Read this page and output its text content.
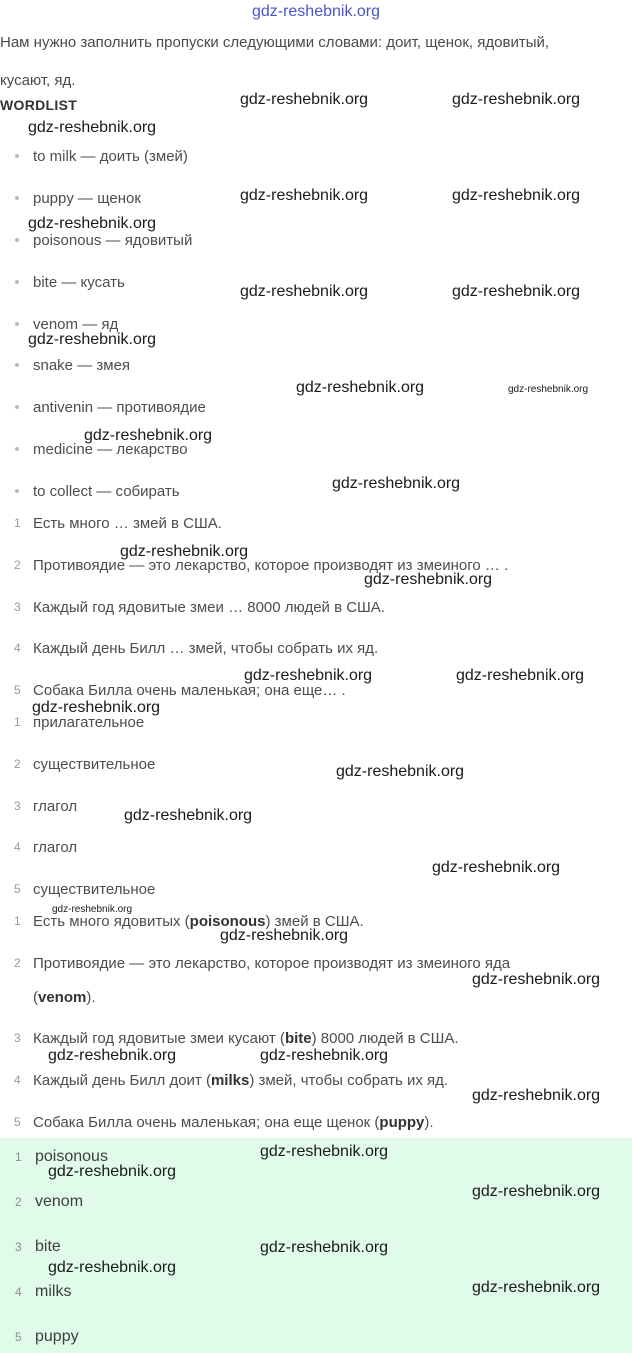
gdz-reshebnik.org

Нам нужно заполнить пропуски следующими словами: доит, щенок, ядовитый,

кусают, яд.

WORDLIST
to milk — доить (змей)
puppy — щенок
poisonous — ядовитый
bite — кусать
venom — яд
snake — змея
antivenin — противоядие
medicine — лекарство
to collect — собирать
1 Есть много … змей в США.
2 Противоядие — это лекарство, которое производят из змеиного … .
3 Каждый год ядовитые змеи … 8000 людей в США.
4 Каждый день Билл … змей, чтобы собрать их яд.
5 Собака Билла очень маленькая; она еще… .
1 прилагательное
2 существительное
3 глагол
4 глагол
5 существительное
1 Есть много ядовитых (poisonous) змей в США.
2 Противоядие — это лекарство, которое производят из змеиного яда
(venom).
3 Каждый год ядовитые змеи кусают (bite) 8000 людей в США.
4 Каждый день Билл доит (milks) змей, чтобы собрать их яд.
5 Собака Билла очень маленькая; она еще щенок (puppy).
1 poisonous
2 venom
3 bite
4 milks
5 puppy
gdz-reshebnik.org	gdz-reshebnik.org
gdz-reshebnik.org
gdz-reshebnik.org	gdz-reshebnik.org
gdz-reshebnik.org
gdz-reshebnik.org	gdz-reshebnik.org
gdz-reshebnik.org
gdz-reshebnik.org	gdz-reshebnik.org
gdz-reshebnik.org
gdz-reshebnik.org
gdz-reshebnik.org
gdz-reshebnik.org
gdz-reshebnik.org	gdz-reshebnik.org
gdz-reshebnik.org
gdz-reshebnik.org
gdz-reshebnik.org
gdz-reshebnik.org
gdz-reshebnik.org
gdz-reshebnik.org
gdz-reshebnik.org
gdz-reshebnik.org	gdz-reshebnik.org
gdz-reshebnik.org
gdz-reshebnik.org
gdz-reshebnik.org
gdz-reshebnik.org
gdz-reshebnik.org
gdz-reshebnik.org
gdz-reshebnik.org
